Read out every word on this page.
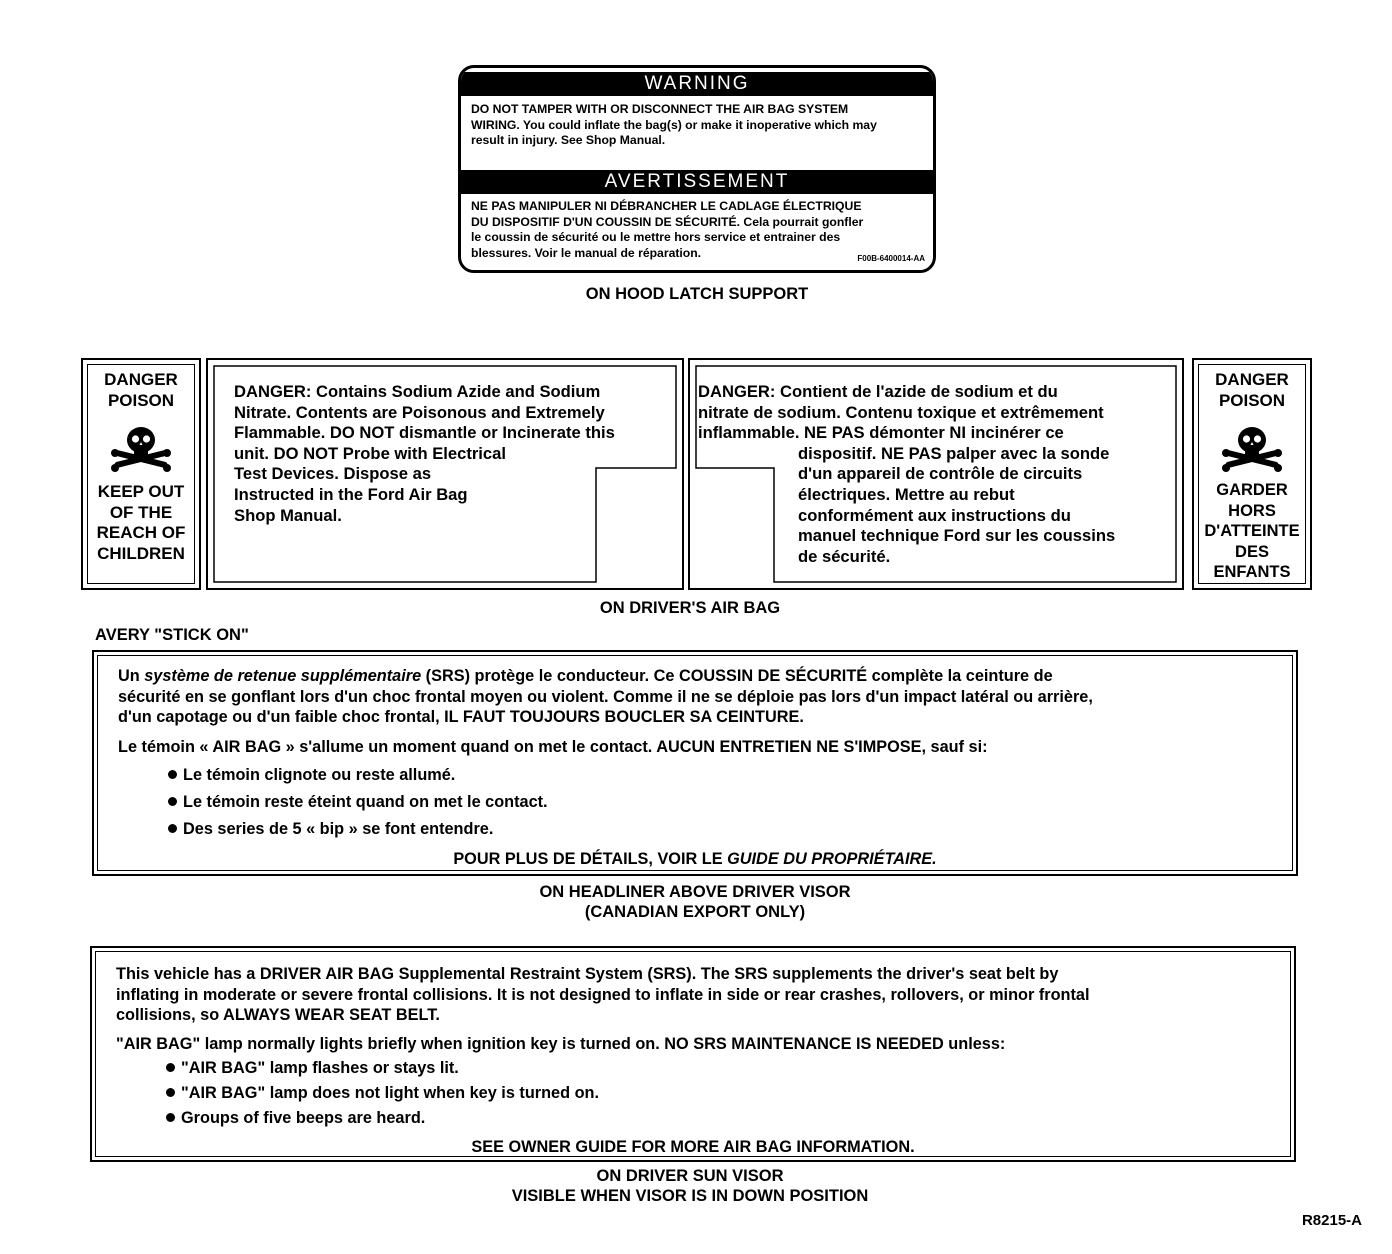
WARNING
DO NOT TAMPER WITH OR DISCONNECT THE AIR BAG SYSTEM
WIRING. You could inflate the bag(s) or make it inoperative which may
result in injury. See Shop Manual.
AVERTISSEMENT
NE PAS MANIPULER NI DÉBRANCHER LE CADLAGE ÉLECTRIQUE
DU DISPOSITIF D'UN COUSSIN DE SÉCURITÉ. Cela pourrait gonfler
le coussin de sécurité ou le mettre hors service et entrainer des
blessures. Voir le manual de réparation.	F00B-6400014-AA
ON HOOD LATCH SUPPORT
DANGER
POISON
KEEP OUT
OF THE
REACH OF
CHILDREN
DANGER: Contains Sodium Azide and Sodium
Nitrate. Contents are Poisonous and Extremely
Flammable. DO NOT dismantle or Incinerate this
unit. DO NOT Probe with Electrical
Test Devices. Dispose as
Instructed in the Ford Air Bag
Shop Manual.
DANGER: Contient de l'azide de sodium et du
nitrate de sodium. Contenu toxique et extrêmement
inflammable. NE PAS démonter NI incinérer ce
dispositif. NE PAS palper avec la sonde
d'un appareil de contrôle de circuits
électriques. Mettre au rebut
conformément aux instructions du
manuel technique Ford sur les coussins
de sécurité.
DANGER
POISON
GARDER
HORS
D'ATTEINTE
DES
ENFANTS
ON DRIVER'S AIR BAG
AVERY "STICK ON"
Un système de retenue supplémentaire (SRS) protège le conducteur. Ce COUSSIN DE SÉCURITÉ complète la ceinture de
sécurité en se gonflant lors d'un choc frontal moyen ou violent. Comme il ne se déploie pas lors d'un impact latéral ou arrière,
d'un capotage ou d'un faible choc frontal, IL FAUT TOUJOURS BOUCLER SA CEINTURE.
Le témoin « AIR BAG » s'allume un moment quand on met le contact. AUCUN ENTRETIEN NE S'IMPOSE, sauf si:
Le témoin clignote ou reste allumé.
Le témoin reste éteint quand on met le contact.
Des series de 5 « bip » se font entendre.
POUR PLUS DE DÉTAILS, VOIR LE GUIDE DU PROPRIÉTAIRE.
ON HEADLINER ABOVE DRIVER VISOR
(CANADIAN EXPORT ONLY)
This vehicle has a DRIVER AIR BAG Supplemental Restraint System (SRS). The SRS supplements the driver's seat belt by
inflating in moderate or severe frontal collisions. It is not designed to inflate in side or rear crashes, rollovers, or minor frontal
collisions, so ALWAYS WEAR SEAT BELT.
"AIR BAG" lamp normally lights briefly when ignition key is turned on. NO SRS MAINTENANCE IS NEEDED unless:
"AIR BAG" lamp flashes or stays lit.
"AIR BAG" lamp does not light when key is turned on.
Groups of five beeps are heard.
SEE OWNER GUIDE FOR MORE AIR BAG INFORMATION.
ON DRIVER SUN VISOR
VISIBLE WHEN VISOR IS IN DOWN POSITION
R8215-A
